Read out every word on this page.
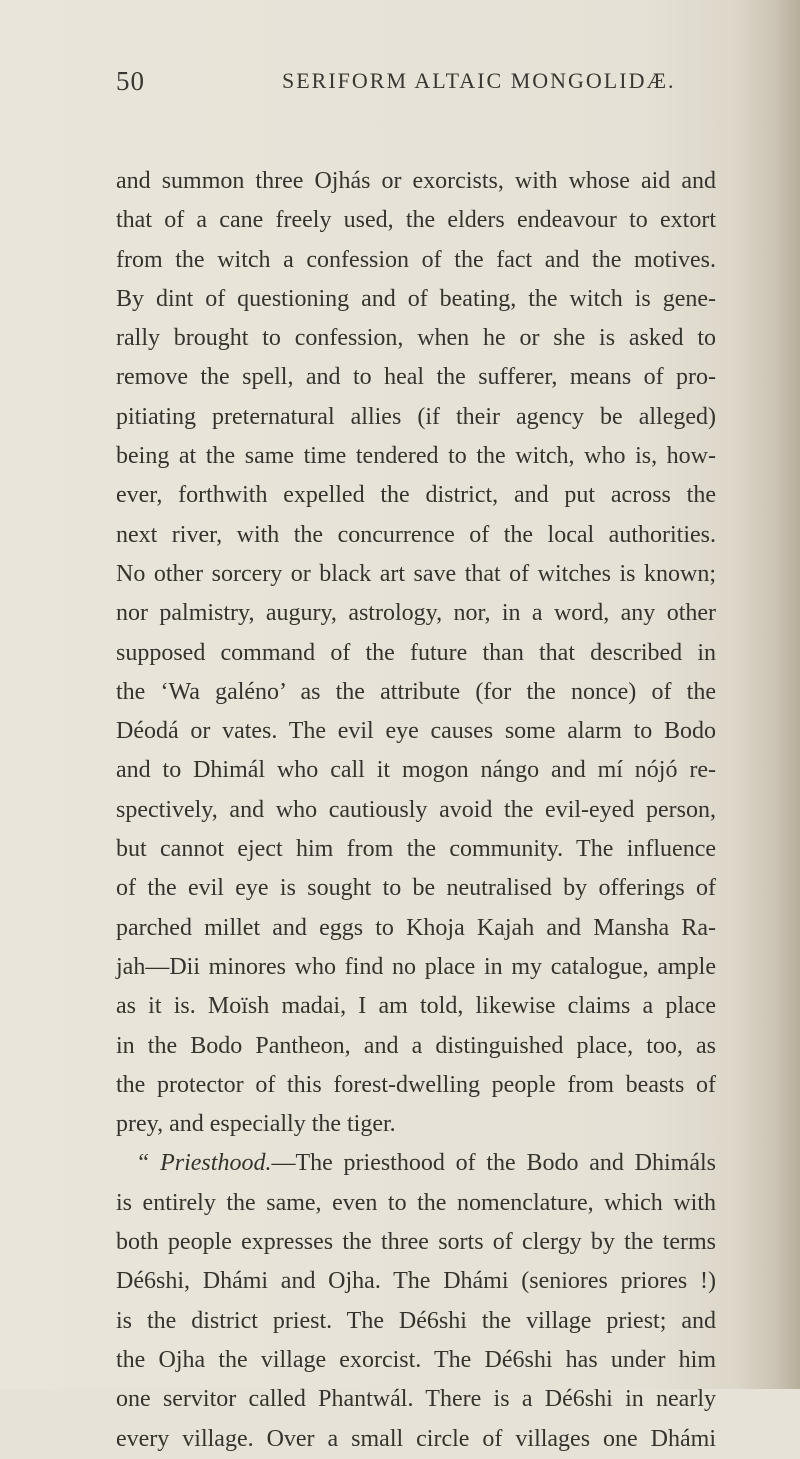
50	SERIFORM ALTAIC MONGOLIDÆ.
and summon three Ojhás or exorcists, with whose aid and
that of a cane freely used, the elders endeavour to extort
from the witch a confession of the fact and the motives.
By dint of questioning and of beating, the witch is gene-
rally brought to confession, when he or she is asked to
remove the spell, and to heal the sufferer, means of pro-
pitiating preternatural allies (if their agency be alleged)
being at the same time tendered to the witch, who is, how-
ever, forthwith expelled the district, and put across the
next river, with the concurrence of the local authorities.
No other sorcery or black art save that of witches is known;
nor palmistry, augury, astrology, nor, in a word, any other
supposed command of the future than that described in
the ‘Wa galéno’ as the attribute (for the nonce) of the
Déodá or vates. The evil eye causes some alarm to Bodo
and to Dhimál who call it mogon nángo and mí nójó re-
spectively, and who cautiously avoid the evil-eyed person,
but cannot eject him from the community. The influence
of the evil eye is sought to be neutralised by offerings of
parched millet and eggs to Khoja Kajah and Mansha Ra-
jah—Dii minores who find no place in my catalogue, ample
as it is. Moïsh madai, I am told, likewise claims a place
in the Bodo Pantheon, and a distinguished place, too, as
the protector of this forest-dwelling people from beasts of
prey, and especially the tiger.
“ Priesthood.—The priesthood of the Bodo and Dhimáls
is entirely the same, even to the nomenclature, which with
both people expresses the three sorts of clergy by the terms
Dé6shi, Dhámi and Ojha. The Dhámi (seniores priores !)
is the district priest. The Dé6shi the village priest; and
the Ojha the village exorcist. The Dé6shi has under him
one servitor called Phantwál. There is a Dé6shi in nearly
every village. Over a small circle of villages one Dhámi
